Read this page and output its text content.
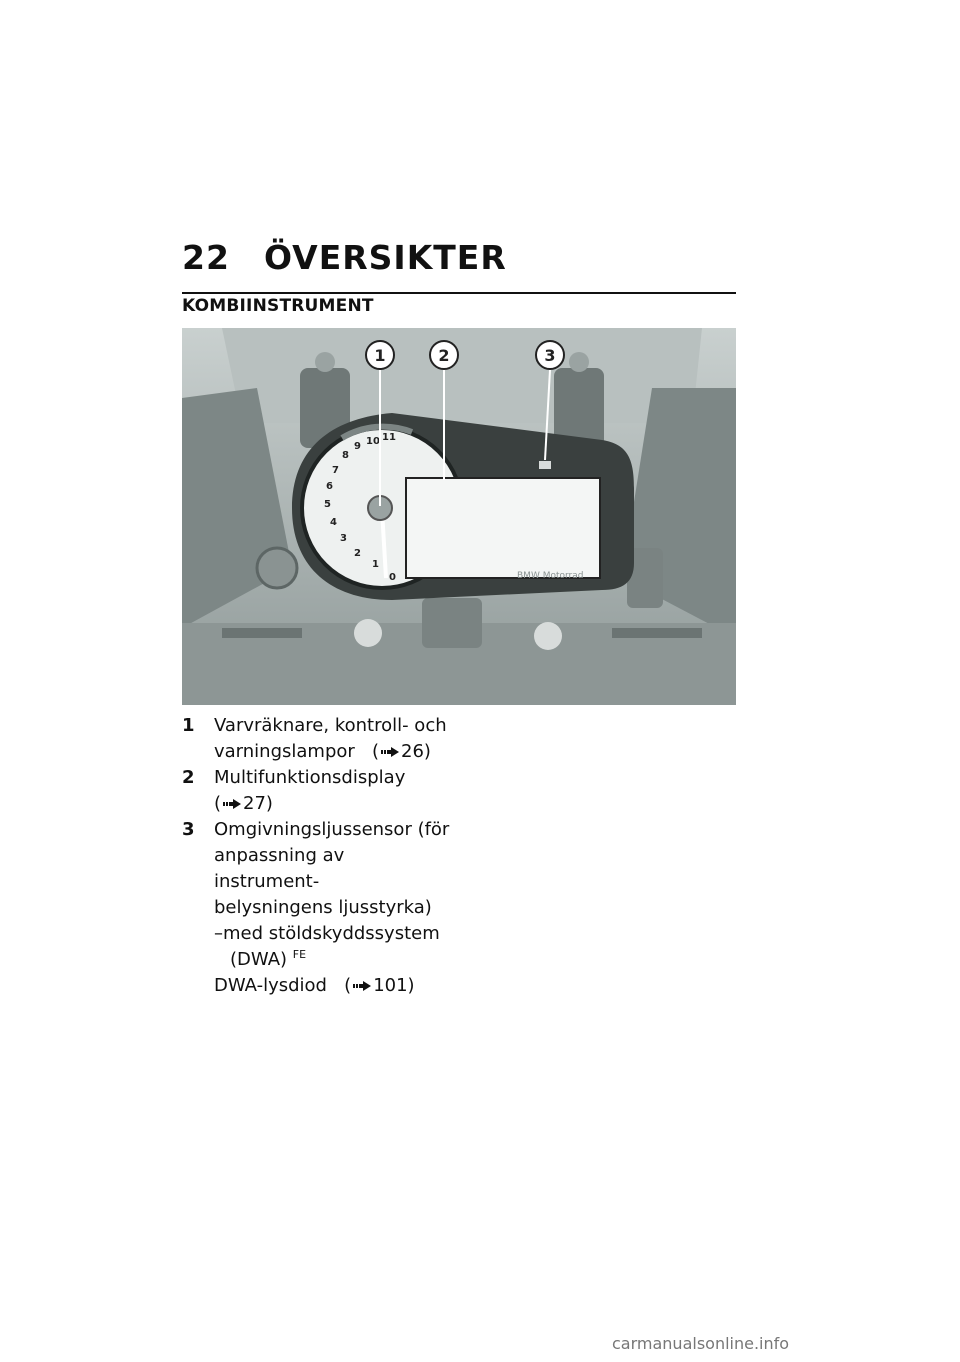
22 ÖVERSIKTER
KOMBIINSTRUMENT
0
1
2
3
4
5
6
7
8
9 10 11
BMW Motorrad
1	2	3
1 Varvräknare, kontroll- och
varningslampor ( 26)
2 Multifunktionsdisplay
( 27)
3 Omgivningsljussensor (för
anpassning av instrument-
belysningens ljusstyrka)
–med stöldskyddssystem
(DWA) $^{FE}$
DWA-lysdiod ( 101)
carmanualsonline.info
